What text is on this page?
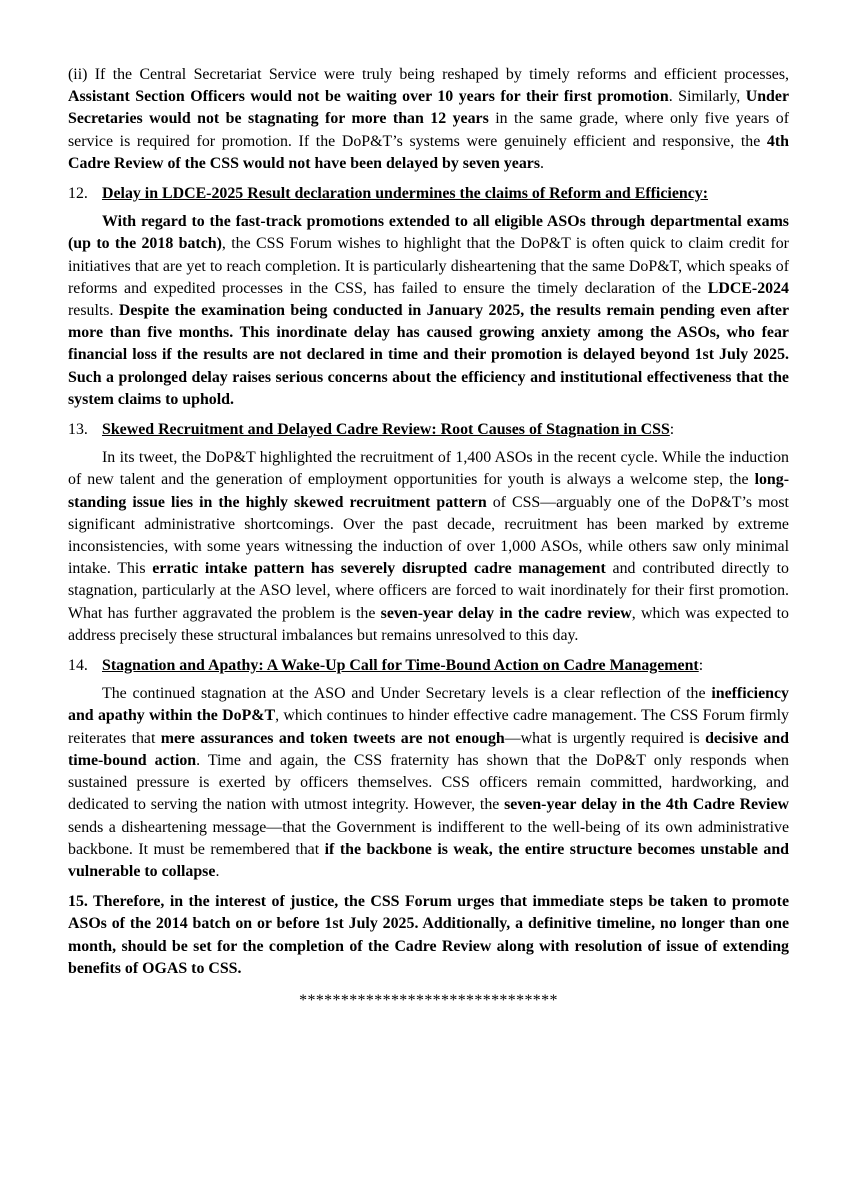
(ii) If the Central Secretariat Service were truly being reshaped by timely reforms and efficient processes, Assistant Section Officers would not be waiting over 10 years for their first promotion. Similarly, Under Secretaries would not be stagnating for more than 12 years in the same grade, where only five years of service is required for promotion. If the DoP&T’s systems were genuinely efficient and responsive, the 4th Cadre Review of the CSS would not have been delayed by seven years.

12. Delay in LDCE-2025 Result declaration undermines the claims of Reform and Efficiency:

With regard to the fast-track promotions extended to all eligible ASOs through departmental exams (up to the 2018 batch), the CSS Forum wishes to highlight that the DoP&T is often quick to claim credit for initiatives that are yet to reach completion. It is particularly disheartening that the same DoP&T, which speaks of reforms and expedited processes in the CSS, has failed to ensure the timely declaration of the LDCE-2024 results. Despite the examination being conducted in January 2025, the results remain pending even after more than five months. This inordinate delay has caused growing anxiety among the ASOs, who fear financial loss if the results are not declared in time and their promotion is delayed beyond 1st July 2025. Such a prolonged delay raises serious concerns about the efficiency and institutional effectiveness that the system claims to uphold.

13. Skewed Recruitment and Delayed Cadre Review: Root Causes of Stagnation in CSS:

In its tweet, the DoP&T highlighted the recruitment of 1,400 ASOs in the recent cycle. While the induction of new talent and the generation of employment opportunities for youth is always a welcome step, the long-standing issue lies in the highly skewed recruitment pattern of CSS—arguably one of the DoP&T’s most significant administrative shortcomings. Over the past decade, recruitment has been marked by extreme inconsistencies, with some years witnessing the induction of over 1,000 ASOs, while others saw only minimal intake. This erratic intake pattern has severely disrupted cadre management and contributed directly to stagnation, particularly at the ASO level, where officers are forced to wait inordinately for their first promotion. What has further aggravated the problem is the seven-year delay in the cadre review, which was expected to address precisely these structural imbalances but remains unresolved to this day.

14. Stagnation and Apathy: A Wake-Up Call for Time-Bound Action on Cadre Management:

The continued stagnation at the ASO and Under Secretary levels is a clear reflection of the inefficiency and apathy within the DoP&T, which continues to hinder effective cadre management. The CSS Forum firmly reiterates that mere assurances and token tweets are not enough—what is urgently required is decisive and time-bound action. Time and again, the CSS fraternity has shown that the DoP&T only responds when sustained pressure is exerted by officers themselves. CSS officers remain committed, hardworking, and dedicated to serving the nation with utmost integrity. However, the seven-year delay in the 4th Cadre Review sends a disheartening message—that the Government is indifferent to the well-being of its own administrative backbone. It must be remembered that if the backbone is weak, the entire structure becomes unstable and vulnerable to collapse.

15. Therefore, in the interest of justice, the CSS Forum urges that immediate steps be taken to promote ASOs of the 2014 batch on or before 1st July 2025. Additionally, a definitive timeline, no longer than one month, should be set for the completion of the Cadre Review along with resolution of issue of extending benefits of OGAS to CSS.

*******************************
